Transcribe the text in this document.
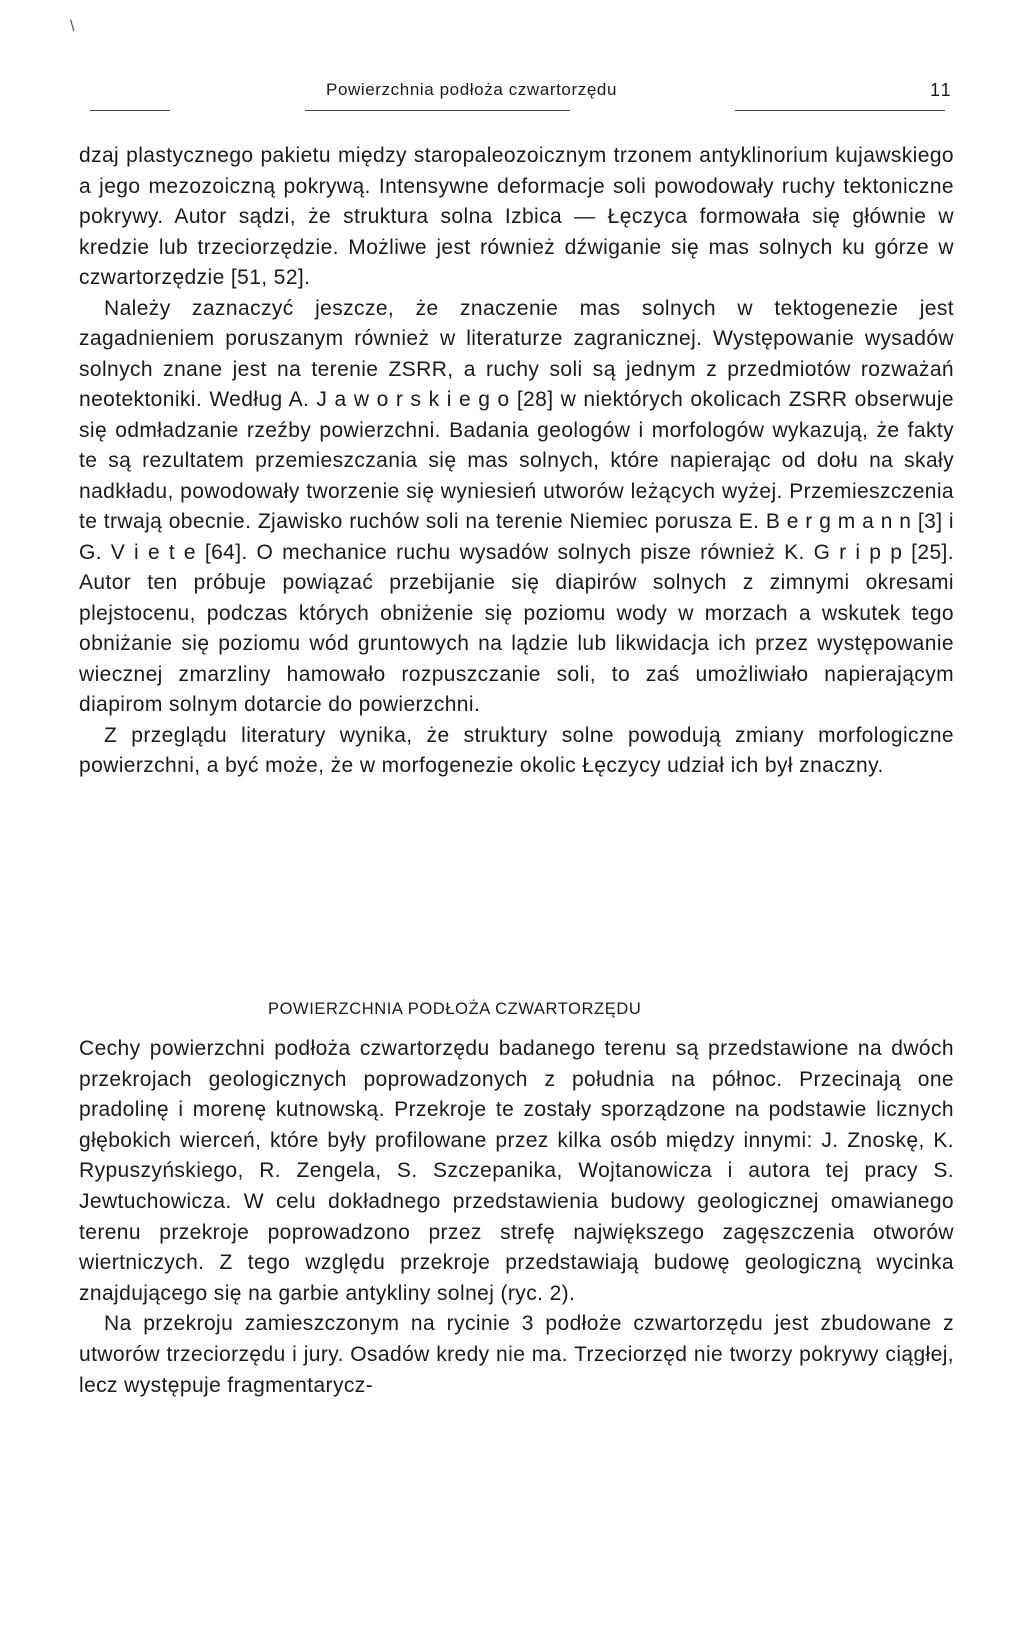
\
Powierzchnia podłoża czwartorzędu	11

dzaj plastycznego pakietu między staropaleozoicznym trzonem antyklinorium kujawskiego a jego mezozoiczną pokrywą. Intensywne deformacje soli powodowały ruchy tektoniczne pokrywy. Autor sądzi, że struktura solna Izbica — Łęczyca formowała się głównie w kredzie lub trzeciorzędzie. Możliwe jest również dźwiganie się mas solnych ku górze w czwartorzędzie [51, 52].

Należy zaznaczyć jeszcze, że znaczenie mas solnych w tektogenezie jest zagadnieniem poruszanym również w literaturze zagranicznej. Występowanie wysadów solnych znane jest na terenie ZSRR, a ruchy soli są jednym z przedmiotów rozważań neotektoniki. Według A. J a w o r s k i e g o [28] w niektórych okolicach ZSRR obserwuje się odmładzanie rzeźby powierzchni. Badania geologów i morfologów wykazują, że fakty te są rezultatem przemieszczania się mas solnych, które napierając od dołu na skały nadkładu, powodowały tworzenie się wyniesień utworów leżących wyżej. Przemieszczenia te trwają obecnie. Zjawisko ruchów soli na terenie Niemiec porusza E. B e r g m a n n [3] i G. V i e t e [64]. O mechanice ruchu wysadów solnych pisze również K. G r i p p [25]. Autor ten próbuje powiązać przebijanie się diapirów solnych z zimnymi okresami plejstocenu, podczas których obniżenie się poziomu wody w morzach a wskutek tego obniżanie się poziomu wód gruntowych na lądzie lub likwidacja ich przez występowanie wiecznej zmarzliny hamowało rozpuszczanie soli, to zaś umożliwiało napierającym diapirom solnym dotarcie do powierzchni.

Z przeglądu literatury wynika, że struktury solne powodują zmiany morfologiczne powierzchni, a być może, że w morfogenezie okolic Łęczycy udział ich był znaczny.

POWIERZCHNIA PODŁOŻA CZWARTORZĘDU

Cechy powierzchni podłoża czwartorzędu badanego terenu są przedstawione na dwóch przekrojach geologicznych poprowadzonych z południa na północ. Przecinają one pradolinę i morenę kutnowską. Przekroje te zostały sporządzone na podstawie licznych głębokich wierceń, które były profilowane przez kilka osób między innymi: J. Znoskę, K. Rypuszyńskiego, R. Zengela, S. Szczepanika, Wojtanowicza i autora tej pracy S. Jewtuchowicza. W celu dokładnego przedstawienia budowy geologicznej omawianego terenu przekroje poprowadzono przez strefę największego zagęszczenia otworów wiertniczych. Z tego względu przekroje przedstawiają budowę geologiczną wycinka znajdującego się na garbie antykliny solnej (ryc. 2).

Na przekroju zamieszczonym na rycinie 3 podłoże czwartorzędu jest zbudowane z utworów trzeciorzędu i jury. Osadów kredy nie ma. Trzeciorzęd nie tworzy pokrywy ciągłej, lecz występuje fragmentarycz-
